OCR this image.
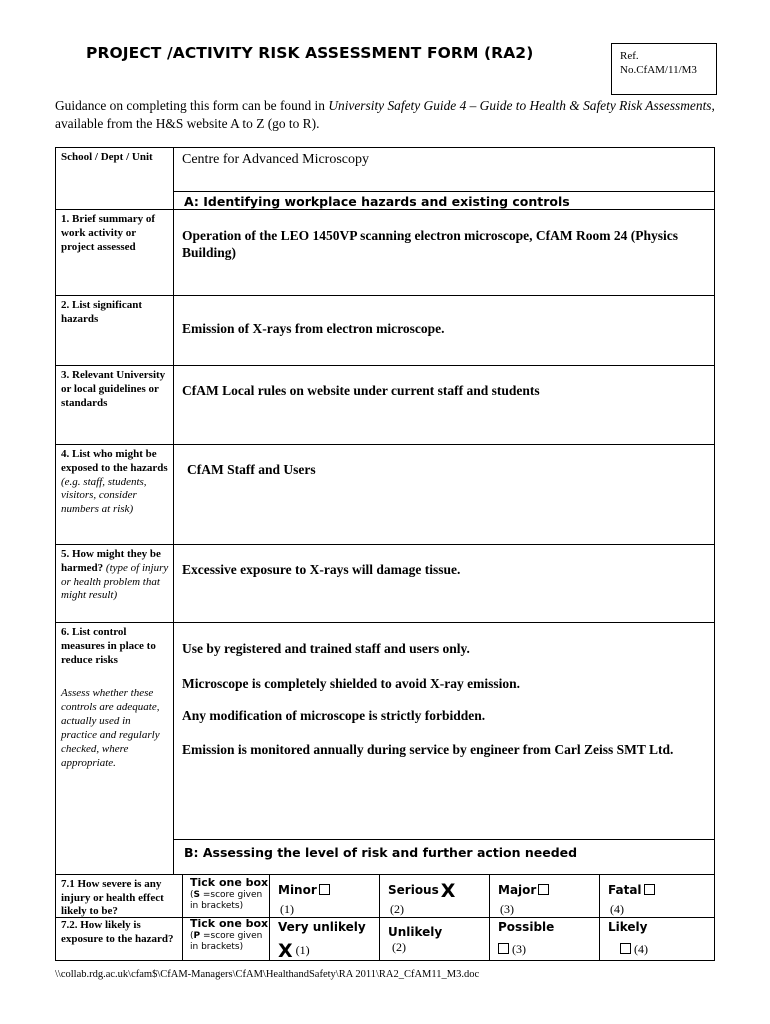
PROJECT /ACTIVITY RISK ASSESSMENT FORM (RA2)	Ref.
No.CfAM/11/M3
Guidance on completing this form can be found in University Safety Guide 4 – Guide to Health & Safety Risk Assessments, available from the H&S website A to Z (go to R).
School / Dept / Unit	Centre for Advanced Microscopy
A: Identifying workplace hazards and existing controls
1. Brief summary of work activity or project assessed
Operation of the LEO 1450VP scanning electron microscope, CfAM Room 24 (Physics Building)
2. List significant hazards
Emission of X-rays from electron microscope.
3. Relevant University or local guidelines or standards
CfAM Local rules on website under current staff and students
4. List who might be exposed to the hazards (e.g. staff, students, visitors, consider numbers at risk)
CfAM Staff and Users
5. How might they be harmed? (type of injury or health problem that might result)
Excessive exposure to X-rays will damage tissue.
6. List control measures in place to reduce risks
Assess whether these controls are adequate, actually used in practice and regularly checked, where appropriate.
Use by registered and trained staff and users only.
Microscope is completely shielded to avoid X-ray emission.
Any modification of microscope is strictly forbidden.
Emission is monitored annually during service by engineer from Carl Zeiss SMT Ltd.
B: Assessing the level of risk and further action needed
7.1 How severe is any injury or health effect likely to be?
Tick one box
(S =score given in brackets)
Minor
(1)
Serious X
(2)
Major
(3)
Fatal
(4)
7.2. How likely is exposure to the hazard?
Tick one box
(P =score given in brackets)
Very unlikely
X (1)
Unlikely
(2)
Possible
(3)
Likely
(4)
\\collab.rdg.ac.uk\cfam$\CfAM-Managers\CfAM\HealthandSafety\RA 2011\RA2_CfAM11_M3.doc
